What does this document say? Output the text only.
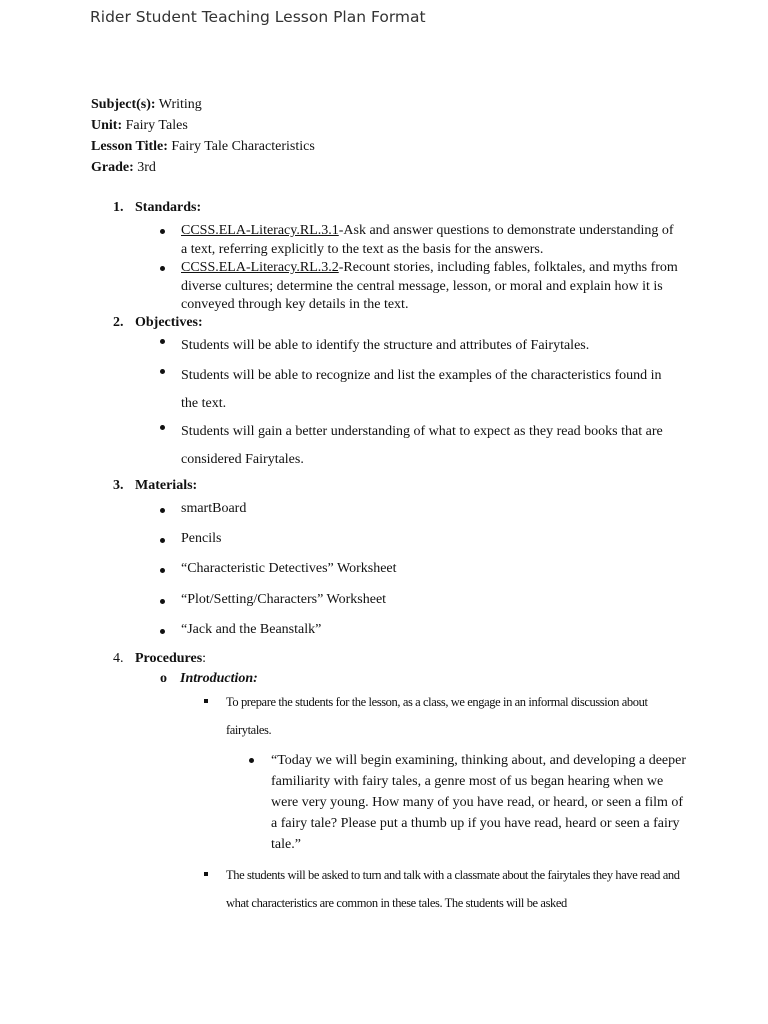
Rider Student Teaching Lesson Plan Format
Subject(s): Writing
Unit: Fairy Tales
Lesson Title: Fairy Tale Characteristics
Grade: 3rd
1. Standards:
CCSS.ELA-Literacy.RL.3.1-Ask and answer questions to demonstrate understanding of a text, referring explicitly to the text as the basis for the answers.
CCSS.ELA-Literacy.RL.3.2-Recount stories, including fables, folktales, and myths from diverse cultures; determine the central message, lesson, or moral and explain how it is conveyed through key details in the text.
2. Objectives:
Students will be able to identify the structure and attributes of Fairytales.
Students will be able to recognize and list the examples of the characteristics found in the text.
Students will gain a better understanding of what to expect as they read books that are considered Fairytales.
3. Materials:
smartBoard
Pencils
“Characteristic Detectives” Worksheet
“Plot/Setting/Characters” Worksheet
“Jack and the Beanstalk”
4. Procedures:
o Introduction:
To prepare the students for the lesson, as a class, we engage in an informal discussion about fairytales.
“Today we will begin examining, thinking about, and developing a deeper familiarity with fairy tales, a genre most of us began hearing when we were very young. How many of you have read, or heard, or seen a film of a fairy tale? Please put a thumb up if you have read, heard or seen a fairy tale.”
The students will be asked to turn and talk with a classmate about the fairytales they have read and what characteristics are common in these tales. The students will be asked
